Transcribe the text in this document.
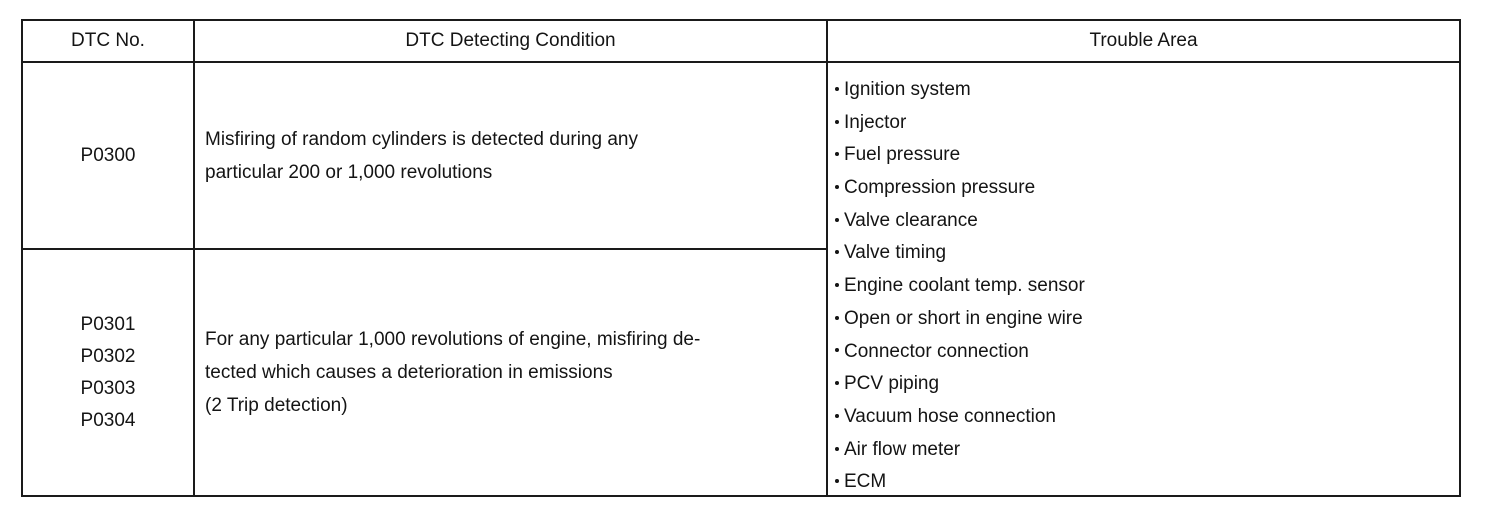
DTC No.	DTC Detecting Condition	Trouble Area
P0300
Misfiring of random cylinders is detected during any
particular 200 or 1,000 revolutions
P0301
P0302
P0303
P0304
For any particular 1,000 revolutions of engine, misfiring de-
tected which causes a deterioration in emissions
(2 Trip detection)
Ignition system
Injector
Fuel pressure
Compression pressure
Valve clearance
Valve timing
Engine coolant temp. sensor
Open or short in engine wire
Connector connection
PCV piping
Vacuum hose connection
Air flow meter
ECM
